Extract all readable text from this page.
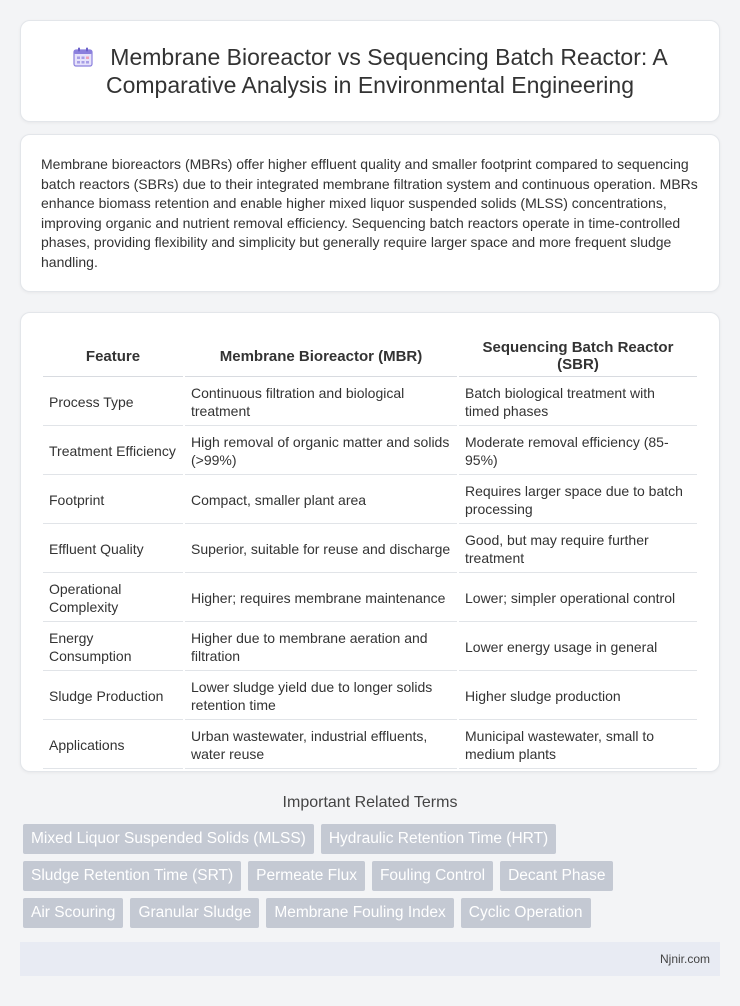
Membrane Bioreactor vs Sequencing Batch Reactor: A Comparative Analysis in Environmental Engineering

Membrane bioreactors (MBRs) offer higher effluent quality and smaller footprint compared to sequencing batch reactors (SBRs) due to their integrated membrane filtration system and continuous operation. MBRs enhance biomass retention and enable higher mixed liquor suspended solids (MLSS) concentrations, improving organic and nutrient removal efficiency. Sequencing batch reactors operate in time-controlled phases, providing flexibility and simplicity but generally require larger space and more frequent sludge handling.

Feature	Membrane Bioreactor (MBR)	Sequencing Batch Reactor (SBR)
Process Type	Continuous filtration and biological treatment	Batch biological treatment with timed phases
Treatment Efficiency	High removal of organic matter and solids (>99%)	Moderate removal efficiency (85-95%)
Footprint	Compact, smaller plant area	Requires larger space due to batch processing
Effluent Quality	Superior, suitable for reuse and discharge	Good, but may require further treatment
Operational Complexity	Higher; requires membrane maintenance	Lower; simpler operational control
Energy Consumption	Higher due to membrane aeration and filtration	Lower energy usage in general
Sludge Production	Lower sludge yield due to longer solids retention time	Higher sludge production
Applications	Urban wastewater, industrial effluents, water reuse	Municipal wastewater, small to medium plants
Important Related Terms
Mixed Liquor Suspended Solids (MLSS)	Hydraulic Retention Time (HRT)
Sludge Retention Time (SRT)	Permeate Flux	Fouling Control	Decant Phase
Air Scouring	Granular Sludge	Membrane Fouling Index	Cyclic Operation
Njnir.com
